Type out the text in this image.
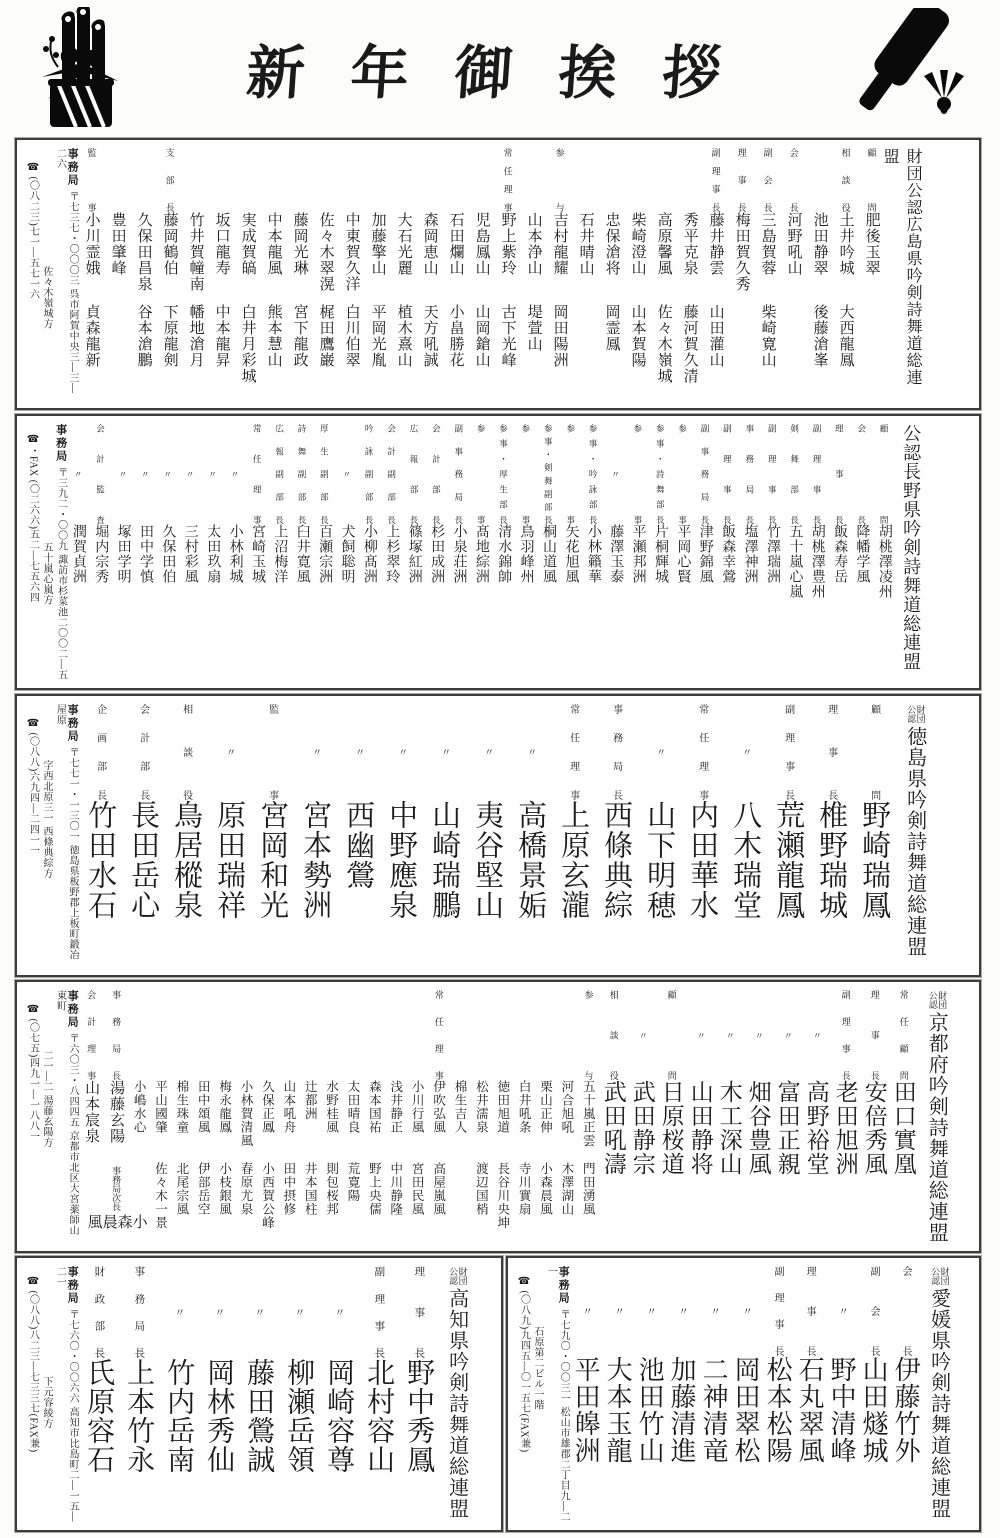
新年御挨拶
財団公認広島県吟剣詩舞道総連盟
顧問
肥後玉翠
相談役
土井吟城
大西龍鳳
池田静翠
後藤滄峯
会長
河野吼山
副会長
三島賀蓉
柴崎寛山
理事長
梅田賀久秀
副理事長
藤井静雲
山田灌山
秀平克泉
藤河賀久清
高原馨風
佐々木嶺城
柴崎澄山
山本賀陽
忠保滄将
岡霊鳳
石井晴山
参与
吉村龍耀
岡田陽洲
山本浄山
堤萱山
常任理事
野上紫玲
古下光峰
児島鳳山
山岡鎗山
石田爛山
小畠勝花
森岡恵山
天方吼誠
大石光麗
植木熹山
加藤擎山
平岡光胤
中東賀久洋
白川伯翠
佐々木翠滉
梶田鷹巌
藤岡光琳
宮下龍政
中本龍風
熊本慧山
実成賀皜
白井月彩城
坂口龍寿
中本龍昇
竹井賀幢南
幡地滄月
支部長
藤岡鶴伯
下原龍剣
久保田昌泉
谷本滄鵬
豊田肇峰
監事
小川霊娥
貞森龍新
事務局〒七三七・〇〇〇三 呉市阿賀中央三—三—二六
佐々木嶺城方
☎ (〇八二三)七一—五七一六
公認長野県吟剣詩舞道総連盟
顧問
胡桃澤凌州
会長
降幡学風
理事長
飯森寿岳
副理事長
胡桃澤豊州
剣舞部長
五十嵐心嵐
副理事長
竹澤瑞洲
事務局長
塩澤神洲
副理事長
飯森幸鶯
副事務局長
津野錦風
参事
平岡心賢
参事・詩舞部長
片桐輝城
参事
平瀬邦洲
〃
藤澤玉泰
参事・吟詠部長
小林籟華
参事
矢花旭風
参事・剣舞副部長
桐山道風
参事
鳥羽峰州
参事・厚生部長
清水錦帥
参事
髙地綜洲
副事務局長
小泉荘洲
会計部長
杉田成洲
広報部長
篠塚紅洲
会計副部長
上杉翠玲
吟詠副部長
小柳髙洲
〃
犬飼聡明
厚生副部長
百瀬宗洲
詩舞副部長
臼井寛風
広報副部長
上沼梅洋
常任理事
宮崎玉城
〃
小林利城
〃
太田玖扇
〃
三村彩風
〃
久保田伯
〃
田中学慎
〃
塚田学明
会計監査
堀内宗秀
〃
潤賀貞洲
事務局〒三九二・〇〇九 諏訪市杉菜池二〇〇二—五
五十嵐心嵐方
☎・FAX (〇二六六)五二—七五六四
財団
公認
徳島県吟剣詩舞道総連盟
顧問
野崎瑞鳳
理事長
椎野瑞城
副理事長
荒瀬龍鳳
〃
八木瑞堂
常任理事
内田華水
〃
山下明穂
事務局長
西條典綜
常任理事
上原玄瀧
〃
高橋景姤
〃
夷谷堅山
〃
山崎瑞鵬
〃
中野應泉
〃
西幽鶯
〃
宮本勢洲
監事
宮岡和光
〃
原田瑞祥
相談役
鳥居樅泉
会計部長
長田岳心
企画部長
竹田水石
事務局〒七七一・一三〇一 徳島県板野郡上板町鍛冶屋原
字西北原三一 西條典綜方
☎ (〇八八)六九四—二四一一
財団
公認
京都府吟剣詩舞道総連盟
常任顧問
田口實凰
理事長
安倍秀風
副理事長
老田旭洲
〃
高野裕堂
〃
富田正親
〃
畑谷豊風
〃
木工深山
〃
山田静将
顧問
日原桜道
〃
武田静宗
相談役
武田吼濤
参与
五十嵐正雲
門田湧風
河合旭吼
木澤湖山
栗山正伸
小森晨風
白井吼条
寺川實扇
徳田旭道
長谷川央坤
松井濡泉
渡辺国梢
棉生吉人
常任理事
伊吹弘風
高屋嵐風
小川行風
宮田民風
浅井静正
中川静隆
森本国祐
野上央儒
太田晴良
荒寛陽
水野桂風
則包桜邦
辻都洲
井本国柱
山本吼舟
田中摂修
久保正鳳
小西賀公峰
小林賀清風
春原尤泉
梅永龍鳳
小枝銀風
田中頌風
伊部岳空
棉生珠童
北尾宗風
平山國肇
佐々木一景
小嶋水心
事務局長
湯藤玄陽
事務局次長
小森晨風
会計理事
山本宸泉
事務局〒六〇三・八四四五 京都市北区大宮薬師山東町
二一—二 湯藤玄陽方
☎ (〇七五)四九一—一八八一
財団
公認
高知県吟剣詩舞道総連盟
理事長
野中秀鳳
副理事長
北村容山
〃
岡崎容尊
〃
柳瀬岳領
〃
藤田鶯誠
〃
岡林秀仙
〃
竹内岳南
事務局長
上本竹永
財政部長
氏原容石
事務局〒七六〇・〇〇六六 高知市比島町二—一五—二一
下元容綾方
☎ (〇八八)八二三—七三三七(FAX兼)	財団
公認
愛媛県吟剣詩舞道総連盟
会長
伊藤竹外
副会長
山田燧城
〃
野中清峰
理事長
石丸翠風
副理事長
松本松陽
〃
岡田翠松
〃
二神清竜
〃
加藤清進
〃
池田竹山
〃
大本玉龍
〃
平田皞洲
事務局〒七九〇・〇〇三一 松山市雄郡二丁目九—二一
石原第二ビル一階
☎ (〇八九)九四五—〇一五七(FAX兼)
